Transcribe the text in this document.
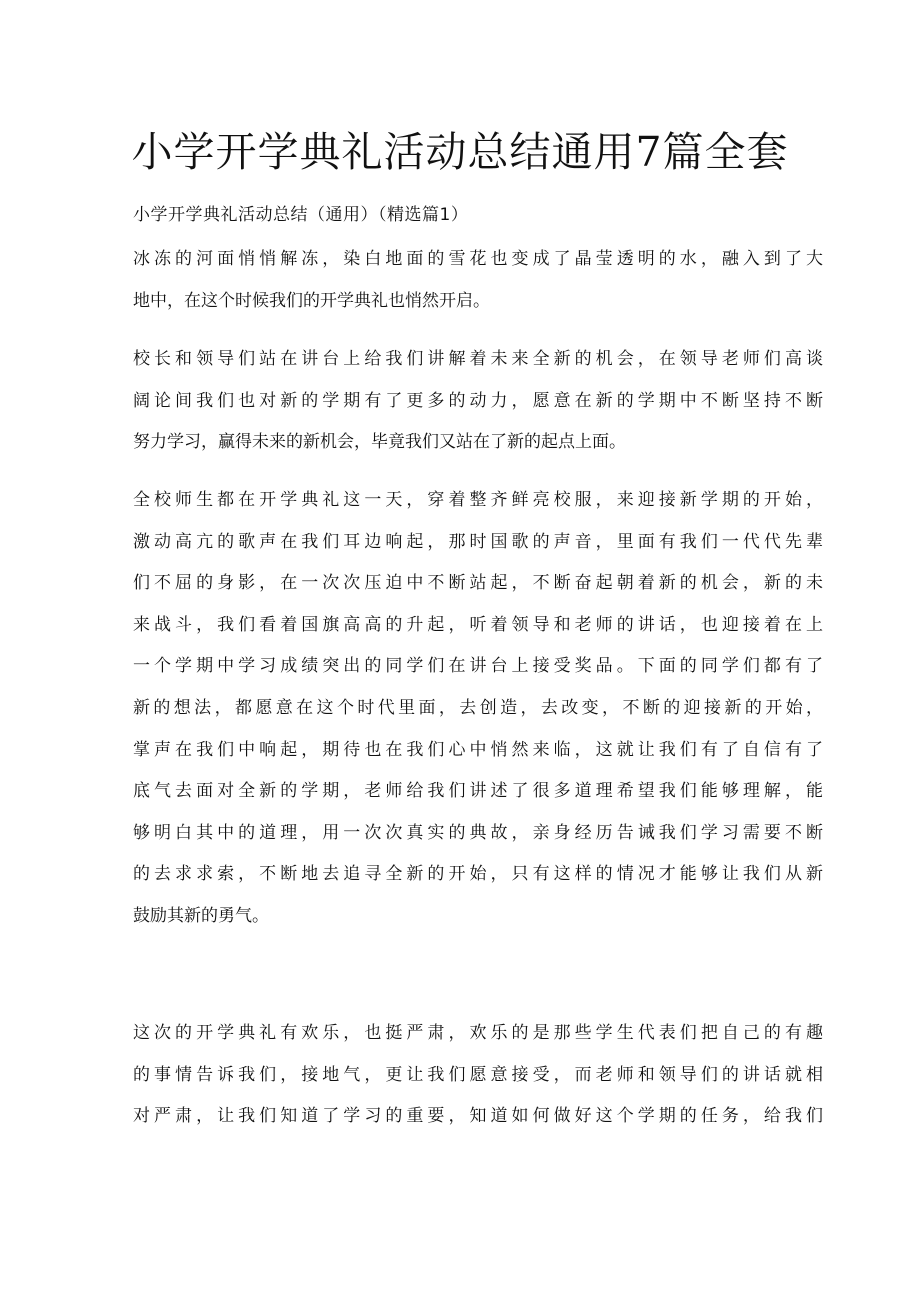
小学开学典礼活动总结通用7篇全套

小学开学典礼活动总结（通用）（精选篇1）

冰冻的河面悄悄解冻，染白地面的雪花也变成了晶莹透明的水，融入到了大
地中，在这个时候我们的开学典礼也悄然开启。
校长和领导们站在讲台上给我们讲解着未来全新的机会，在领导老师们高谈
阔论间我们也对新的学期有了更多的动力，愿意在新的学期中不断坚持不断
努力学习，赢得未来的新机会，毕竟我们又站在了新的起点上面。
全校师生都在开学典礼这一天，穿着整齐鲜亮校服，来迎接新学期的开始，
激动高亢的歌声在我们耳边响起，那时国歌的声音，里面有我们一代代先辈
们不屈的身影，在一次次压迫中不断站起，不断奋起朝着新的机会，新的未
来战斗，我们看着国旗高高的升起，听着领导和老师的讲话，也迎接着在上
一个学期中学习成绩突出的同学们在讲台上接受奖品。下面的同学们都有了
新的想法，都愿意在这个时代里面，去创造，去改变，不断的迎接新的开始，
掌声在我们中响起，期待也在我们心中悄然来临，这就让我们有了自信有了
底气去面对全新的学期，老师给我们讲述了很多道理希望我们能够理解，能
够明白其中的道理，用一次次真实的典故，亲身经历告诫我们学习需要不断
的去求求索，不断地去追寻全新的开始，只有这样的情况才能够让我们从新
鼓励其新的勇气。
这次的开学典礼有欢乐，也挺严肃，欢乐的是那些学生代表们把自己的有趣
的事情告诉我们，接地气，更让我们愿意接受，而老师和领导们的讲话就相
对严肃，让我们知道了学习的重要，知道如何做好这个学期的任务，给我们
